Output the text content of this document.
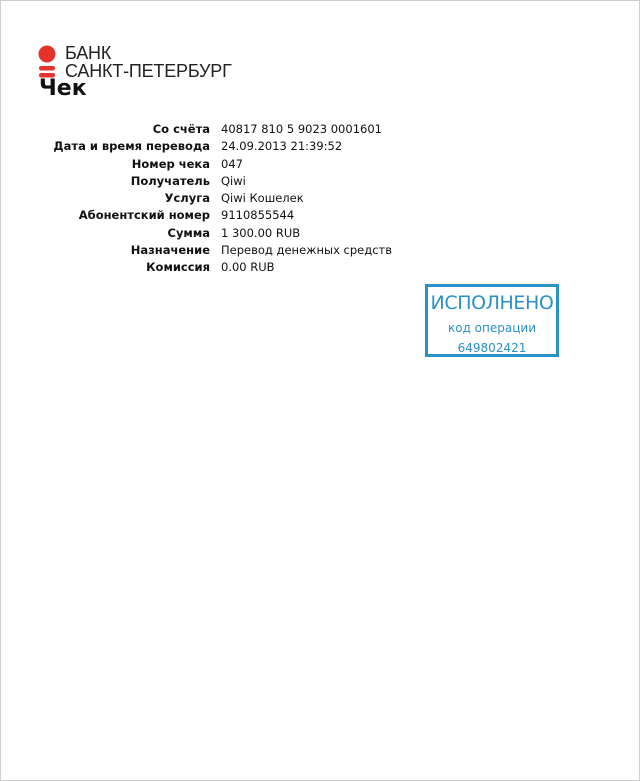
БАНК
САНКТ-ПЕТЕРБУРГ
Чек
Со счёта	40817 810 5 9023 0001601
Дата и время перевода	24.09.2013 21:39:52
Номер чека	047
Получатель	Qiwi
Услуга	Qiwi Кошелек
Абонентский номер	9110855544
Сумма	1 300.00 RUB
Назначение	Перевод денежных средств
Комиссия	0.00 RUB
ИСПОЛНЕНО
код операции
649802421
